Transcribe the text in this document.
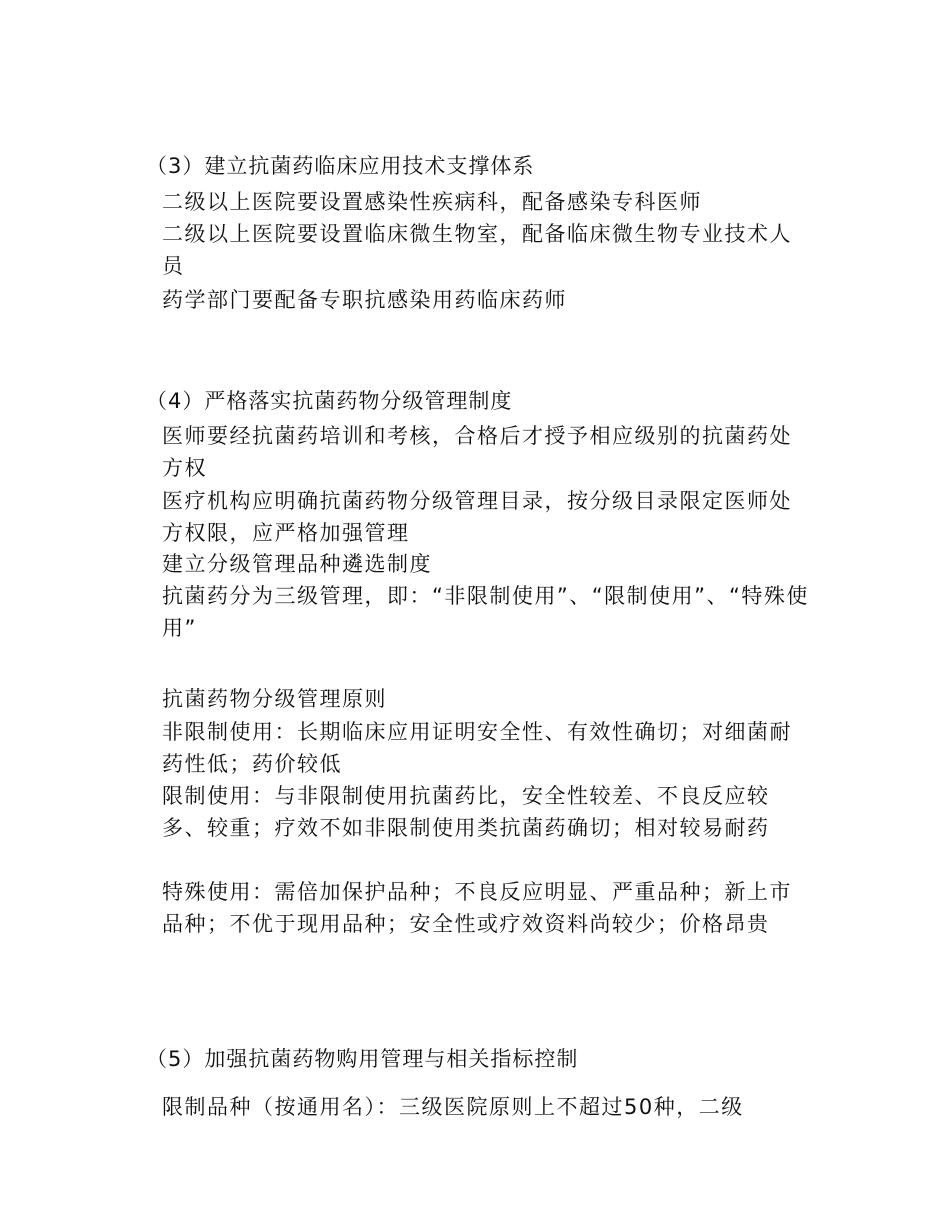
（3）建立抗菌药临床应用技术支撑体系
二级以上医院要设置感染性疾病科，配备感染专科医师
二级以上医院要设置临床微生物室，配备临床微生物专业技术人员
药学部门要配备专职抗感染用药临床药师
（4）严格落实抗菌药物分级管理制度
医师要经抗菌药培训和考核，合格后才授予相应级别的抗菌药处方权
医疗机构应明确抗菌药物分级管理目录，按分级目录限定医师处方权限，应严格加强管理
建立分级管理品种遴选制度
抗菌药分为三级管理，即：“非限制使用”、“限制使用”、“特殊使用”
抗菌药物分级管理原则
非限制使用：长期临床应用证明安全性、有效性确切；对细菌耐药性低；药价较低
限制使用：与非限制使用抗菌药比，安全性较差、不良反应较多、较重；疗效不如非限制使用类抗菌药确切；相对较易耐药
特殊使用：需倍加保护品种；不良反应明显、严重品种；新上市品种；不优于现用品种；安全性或疗效资料尚较少；价格昂贵
（5）加强抗菌药物购用管理与相关指标控制
限制品种（按通用名）：三级医院原则上不超过50种，二级
